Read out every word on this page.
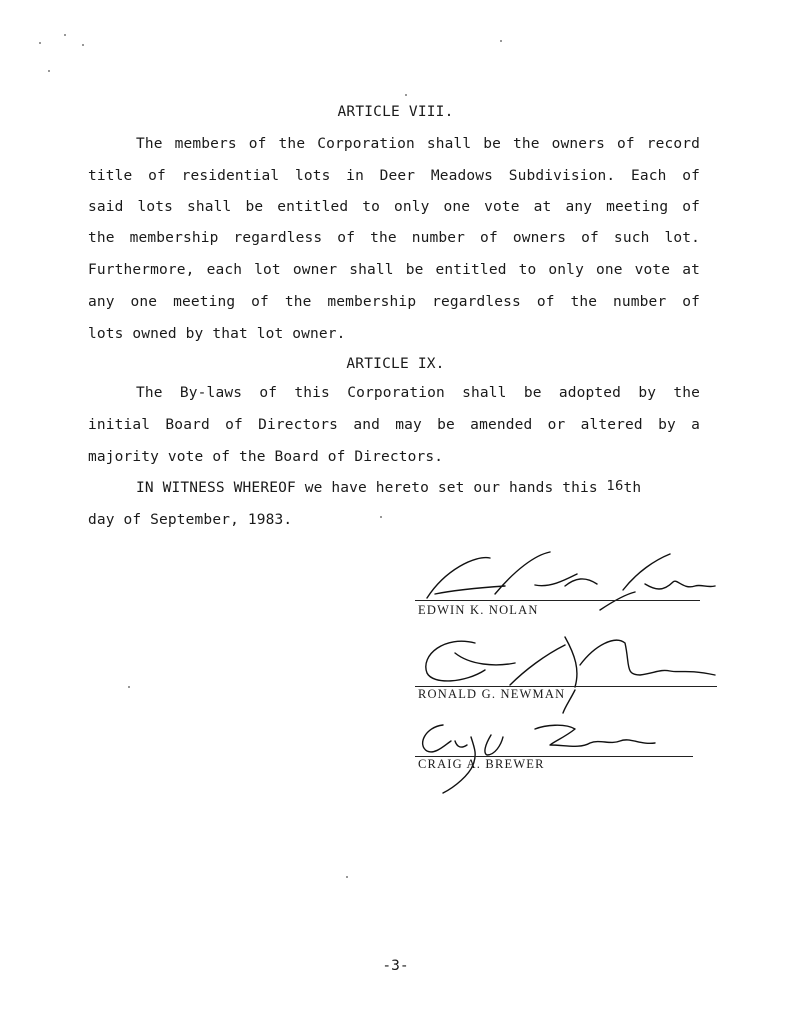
ARTICLE VIII.
The members of the Corporation shall be the owners of record
title of residential lots in Deer Meadows Subdivision. Each of
said lots shall be entitled to only one vote at any meeting of
the membership regardless of the number of owners of such lot.
Furthermore, each lot owner shall be entitled to only one vote at
any one meeting of the membership regardless of the number of
lots owned by that lot owner.
ARTICLE IX.
The By-laws of this Corporation shall be adopted by the
initial Board of Directors and may be amended or altered by a
majority vote of the Board of Directors.
IN WITNESS WHEREOF we have hereto set our hands this 16th
day of September, 1983.
EDWIN K. NOLAN
RONALD G. NEWMAN
CRAIG A. BREWER
-3-
